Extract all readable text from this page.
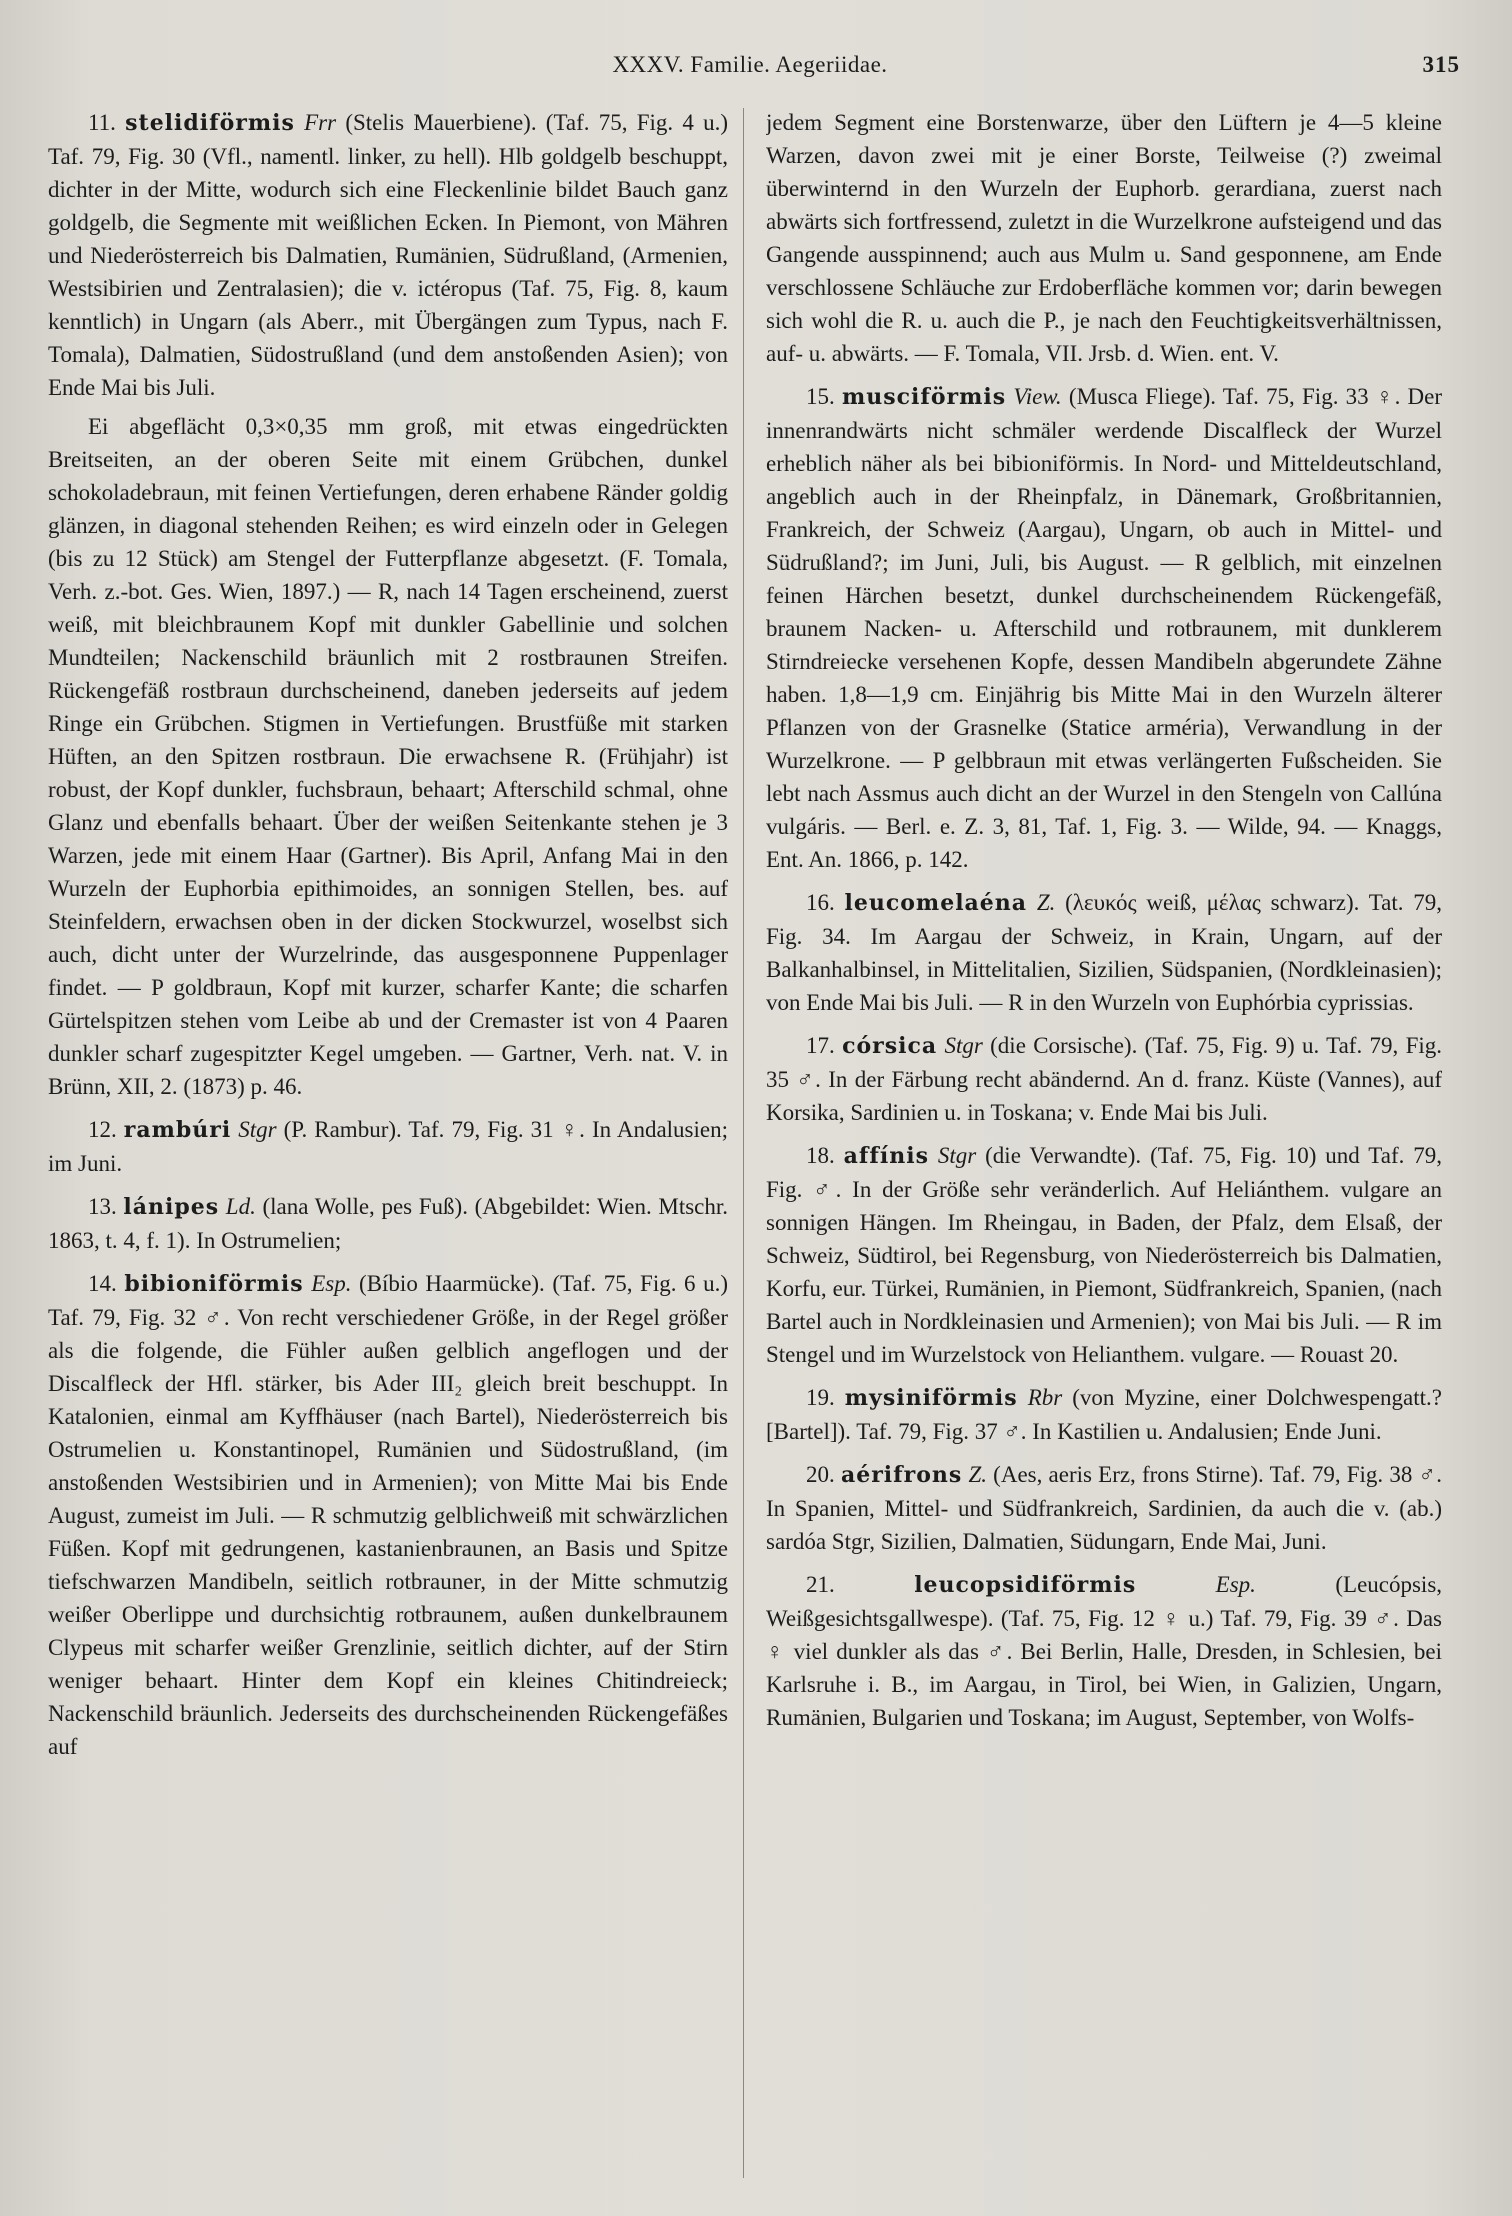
XXXV. Familie. Aegeriidae.	315

11. stelidiförmis Frr (Stelis Mauerbiene). (Taf. 75, Fig. 4 u.) Taf. 79, Fig. 30 (Vfl., namentl. linker, zu hell). Hlb goldgelb beschuppt, dichter in der Mitte, wodurch sich eine Fleckenlinie bildet Bauch ganz goldgelb, die Segmente mit weißlichen Ecken. In Piemont, von Mähren und Niederösterreich bis Dalmatien, Rumänien, Südrußland, (Armenien, Westsibirien und Zentralasien); die v. ictéropus (Taf. 75, Fig. 8, kaum kenntlich) in Ungarn (als Aberr., mit Übergängen zum Typus, nach F. Tomala), Dalmatien, Südostrußland (und dem anstoßenden Asien); von Ende Mai bis Juli.

Ei abgeflächt 0,3×0,35 mm groß, mit etwas eingedrückten Breitseiten, an der oberen Seite mit einem Grübchen, dunkel schokoladebraun, mit feinen Vertiefungen, deren erhabene Ränder goldig glänzen, in diagonal stehenden Reihen; es wird einzeln oder in Gelegen (bis zu 12 Stück) am Stengel der Futterpflanze abgesetzt. (F. Tomala, Verh. z.-bot. Ges. Wien, 1897.) — R, nach 14 Tagen erscheinend, zuerst weiß, mit bleichbraunem Kopf mit dunkler Gabellinie und solchen Mundteilen; Nackenschild bräunlich mit 2 rostbraunen Streifen. Rückengefäß rostbraun durchscheinend, daneben jederseits auf jedem Ringe ein Grübchen. Stigmen in Vertiefungen. Brustfüße mit starken Hüften, an den Spitzen rostbraun. Die erwachsene R. (Frühjahr) ist robust, der Kopf dunkler, fuchsbraun, behaart; Afterschild schmal, ohne Glanz und ebenfalls behaart. Über der weißen Seitenkante stehen je 3 Warzen, jede mit einem Haar (Gartner). Bis April, Anfang Mai in den Wurzeln der Euphorbia epithimoides, an sonnigen Stellen, bes. auf Steinfeldern, erwachsen oben in der dicken Stockwurzel, woselbst sich auch, dicht unter der Wurzelrinde, das ausgesponnene Puppenlager findet. — P goldbraun, Kopf mit kurzer, scharfer Kante; die scharfen Gürtelspitzen stehen vom Leibe ab und der Cremaster ist von 4 Paaren dunkler scharf zugespitzter Kegel umgeben. — Gartner, Verh. nat. V. in Brünn, XII, 2. (1873) p. 46.

12. rambúri Stgr (P. Rambur). Taf. 79, Fig. 31 ♀. In Andalusien; im Juni.

13. lánipes Ld. (lana Wolle, pes Fuß). (Abgebildet: Wien. Mtschr. 1863, t. 4, f. 1). In Ostrumelien;

14. bibioniförmis Esp. (Bíbio Haarmücke). (Taf. 75, Fig. 6 u.) Taf. 79, Fig. 32 ♂. Von recht verschiedener Größe, in der Regel größer als die folgende, die Fühler außen gelblich angeflogen und der Discalfleck der Hfl. stärker, bis Ader III₂ gleich breit beschuppt. In Katalonien, einmal am Kyffhäuser (nach Bartel), Niederösterreich bis Ostrumelien u. Konstantinopel, Rumänien und Südostrußland, (im anstoßenden Westsibirien und in Armenien); von Mitte Mai bis Ende August, zumeist im Juli. — R schmutzig gelblichweiß mit schwärzlichen Füßen. Kopf mit gedrungenen, kastanienbraunen, an Basis und Spitze tiefschwarzen Mandibeln, seitlich rotbrauner, in der Mitte schmutzig weißer Oberlippe und durchsichtig rotbraunem, außen dunkelbraunem Clypeus mit scharfer weißer Grenzlinie, seitlich dichter, auf der Stirn weniger behaart. Hinter dem Kopf ein kleines Chitindreieck; Nackenschild bräunlich. Jederseits des durchscheinenden Rückengefäßes auf

jedem Segment eine Borstenwarze, über den Lüftern je 4—5 kleine Warzen, davon zwei mit je einer Borste, Teilweise (?) zweimal überwinternd in den Wurzeln der Euphorb. gerardiana, zuerst nach abwärts sich fortfressend, zuletzt in die Wurzelkrone aufsteigend und das Gangende ausspinnend; auch aus Mulm u. Sand gesponnene, am Ende verschlossene Schläuche zur Erdoberfläche kommen vor; darin bewegen sich wohl die R. u. auch die P., je nach den Feuchtigkeitsverhältnissen, auf- u. abwärts. — F. Tomala, VII. Jrsb. d. Wien. ent. V.

15. musciförmis View. (Musca Fliege). Taf. 75, Fig. 33 ♀. Der innenrandwärts nicht schmäler werdende Discalfleck der Wurzel erheblich näher als bei bibioniförmis. In Nord- und Mitteldeutschland, angeblich auch in der Rheinpfalz, in Dänemark, Großbritannien, Frankreich, der Schweiz (Aargau), Ungarn, ob auch in Mittel- und Südrußland?; im Juni, Juli, bis August. — R gelblich, mit einzelnen feinen Härchen besetzt, dunkel durchscheinendem Rückengefäß, braunem Nacken- u. Afterschild und rotbraunem, mit dunklerem Stirndreiecke versehenen Kopfe, dessen Mandibeln abgerundete Zähne haben. 1,8—1,9 cm. Einjährig bis Mitte Mai in den Wurzeln älterer Pflanzen von der Grasnelke (Statice arméria), Verwandlung in der Wurzelkrone. — P gelbbraun mit etwas verlängerten Fußscheiden. Sie lebt nach Assmus auch dicht an der Wurzel in den Stengeln von Callúna vulgáris. — Berl. e. Z. 3, 81, Taf. 1, Fig. 3. — Wilde, 94. — Knaggs, Ent. An. 1866, p. 142.

16. leucomelaéna Z. (λευκός weiß, μέλας schwarz). Tat. 79, Fig. 34. Im Aargau der Schweiz, in Krain, Ungarn, auf der Balkanhalbinsel, in Mittelitalien, Sizilien, Südspanien, (Nordkleinasien); von Ende Mai bis Juli. — R in den Wurzeln von Euphórbia cyprissias.

17. córsica Stgr (die Corsische). (Taf. 75, Fig. 9) u. Taf. 79, Fig. 35 ♂. In der Färbung recht abändernd. An d. franz. Küste (Vannes), auf Korsika, Sardinien u. in Toskana; v. Ende Mai bis Juli.

18. affínis Stgr (die Verwandte). (Taf. 75, Fig. 10) und Taf. 79, Fig. ♂. In der Größe sehr veränderlich. Auf Heliánthem. vulgare an sonnigen Hängen. Im Rheingau, in Baden, der Pfalz, dem Elsaß, der Schweiz, Südtirol, bei Regensburg, von Niederösterreich bis Dalmatien, Korfu, eur. Türkei, Rumänien, in Piemont, Südfrankreich, Spanien, (nach Bartel auch in Nordkleinasien und Armenien); von Mai bis Juli. — R im Stengel und im Wurzelstock von Helianthem. vulgare. — Rouast 20.

19. mysiniförmis Rbr (von Myzine, einer Dolchwespengatt.? [Bartel]). Taf. 79, Fig. 37 ♂. In Kastilien u. Andalusien; Ende Juni.

20. aérifrons Z. (Aes, aeris Erz, frons Stirne). Taf. 79, Fig. 38 ♂. In Spanien, Mittel- und Südfrankreich, Sardinien, da auch die v. (ab.) sardóa Stgr, Sizilien, Dalmatien, Südungarn, Ende Mai, Juni.

21.	leucopsidiförmis	Esp.	(Leucópsis, Weißgesichtsgallwespe). (Taf. 75, Fig. 12 ♀ u.) Taf. 79, Fig. 39 ♂. Das ♀ viel dunkler als das ♂. Bei Berlin, Halle, Dresden, in Schlesien, bei Karlsruhe i. B., im Aargau, in Tirol, bei Wien, in Galizien, Ungarn, Rumänien, Bulgarien und Toskana; im August, September, von Wolfs-
